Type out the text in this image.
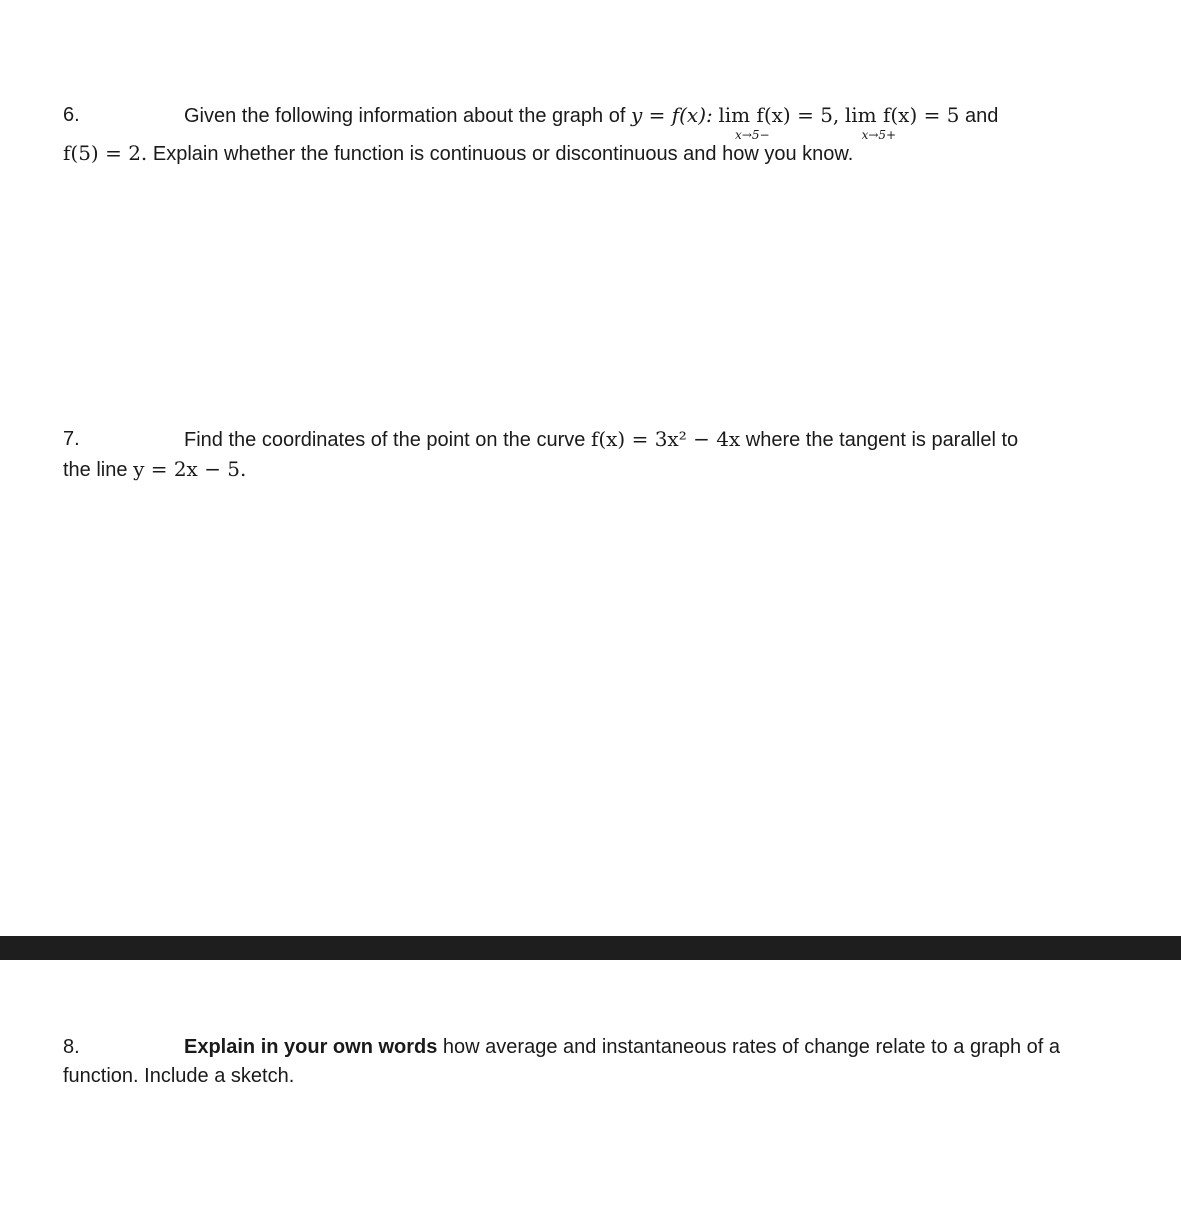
6.	Given the following information about the graph of y = f(x): lim f(x) = 5,
x→5−
lim f(x) = 5
x→5+
and
f(5) = 2. Explain whether the function is continuous or discontinuous and how you know.
7.	Find the coordinates of the point on the curve f(x) = 3x² − 4x where the tangent is parallel to
the line y = 2x − 5.
8.	Explain in your own words how average and instantaneous rates of change relate to a graph of a
function. Include a sketch.
